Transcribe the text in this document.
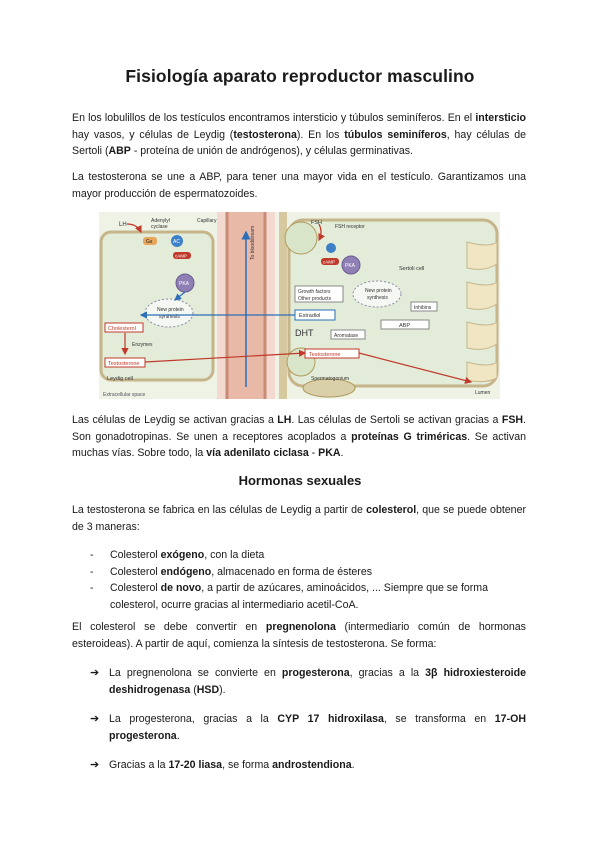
Fisiología aparato reproductor masculino

En los lobulillos de los testículos encontramos intersticio y túbulos seminíferos. En el intersticio hay vasos, y células de Leydig (testosterona). En los túbulos seminíferos, hay células de Sertoli (ABP - proteína de unión de andrógenos), y células germinativas.

La testosterona se une a ABP, para tener una mayor vida en el testículo. Garantizamos una mayor producción de espermatozoides.

LH
Adenylyl
cyclase
Gs	AC
cAMP
Capillary
PKA
New protein
synthesis
Cholesterol
Enzymes
Testosterone
Leydig cell
Extracellular space
To bloodstream
FSH
FSH receptor
cAMP
PKA	Sertoli cell
Growth factors
Other products
New protein
synthesis
Inhibins
Estradiol
DHT	Aromatase
ABP
Testosterone
Spermatogonium
Lumen

Las células de Leydig se activan gracias a LH. Las células de Sertoli se activan gracias a FSH. Son gonadotropinas. Se unen a receptores acoplados a proteínas G triméricas. Se activan muchas vías. Sobre todo, la vía adenilato ciclasa - PKA.

Hormonas sexuales

La testosterona se fabrica en las células de Leydig a partir de colesterol, que se puede obtener de 3 maneras:

- Colesterol exógeno, con la dieta
- Colesterol endógeno, almacenado en forma de ésteres
- Colesterol de novo, a partir de azúcares, aminoácidos, ... Siempre que se forma colesterol, ocurre gracias al intermediario acetil-CoA.

El colesterol se debe convertir en pregnenolona (intermediario común de hormonas esteroideas). A partir de aquí, comienza la síntesis de testosterona. Se forma:

➔ La pregnenolona se convierte en progesterona, gracias a la 3β hidroxiesteroide deshidrogenasa (HSD).
➔ La progesterona, gracias a la CYP 17 hidroxilasa, se transforma en 17-OH progesterona.
➔ Gracias a la 17-20 liasa, se forma androstendiona.
